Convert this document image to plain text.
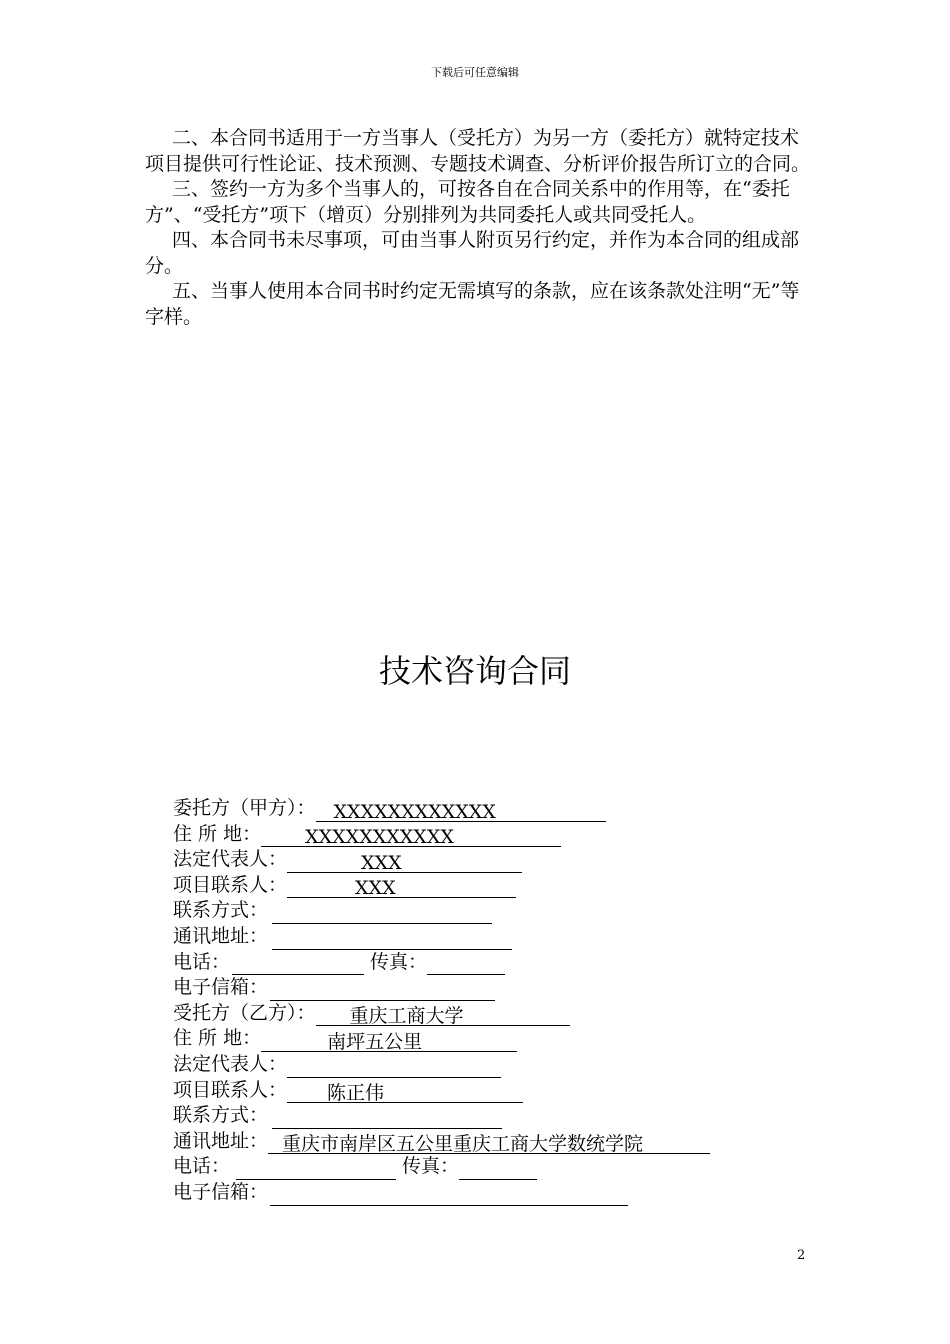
下载后可任意编辑

二、本合同书适用于一方当事人（受托方）为另一方（委托方）就特定技术项目提供可行性论证、技术预测、专题技术调查、分析评价报告所订立的合同。

三、签约一方为多个当事人的，可按各自在合同关系中的作用等，在“委托方”、“受托方”项下（增页）分别排列为共同委托人或共同受托人。

四、本合同书未尽事项，可由当事人附页另行约定，并作为本合同的组成部分。

五、当事人使用本合同书时约定无需填写的条款，应在该条款处注明“无”等字样。

技术咨询合同
委托方（甲方）： XXXXXXXXXXXX
住 所 地： XXXXXXXXXXX
法定代表人：	XXX
项目联系人：	XXX
联系方式：
通讯地址：
电话：	传真：
电子信箱：
受托方（乙方）： 重庆工商大学
住 所 地：	南坪五公里
法定代表人：
项目联系人： 陈正伟
联系方式：
通讯地址： 重庆市南岸区五公里重庆工商大学数统学院
电话：	传真：
电子信箱：
2
